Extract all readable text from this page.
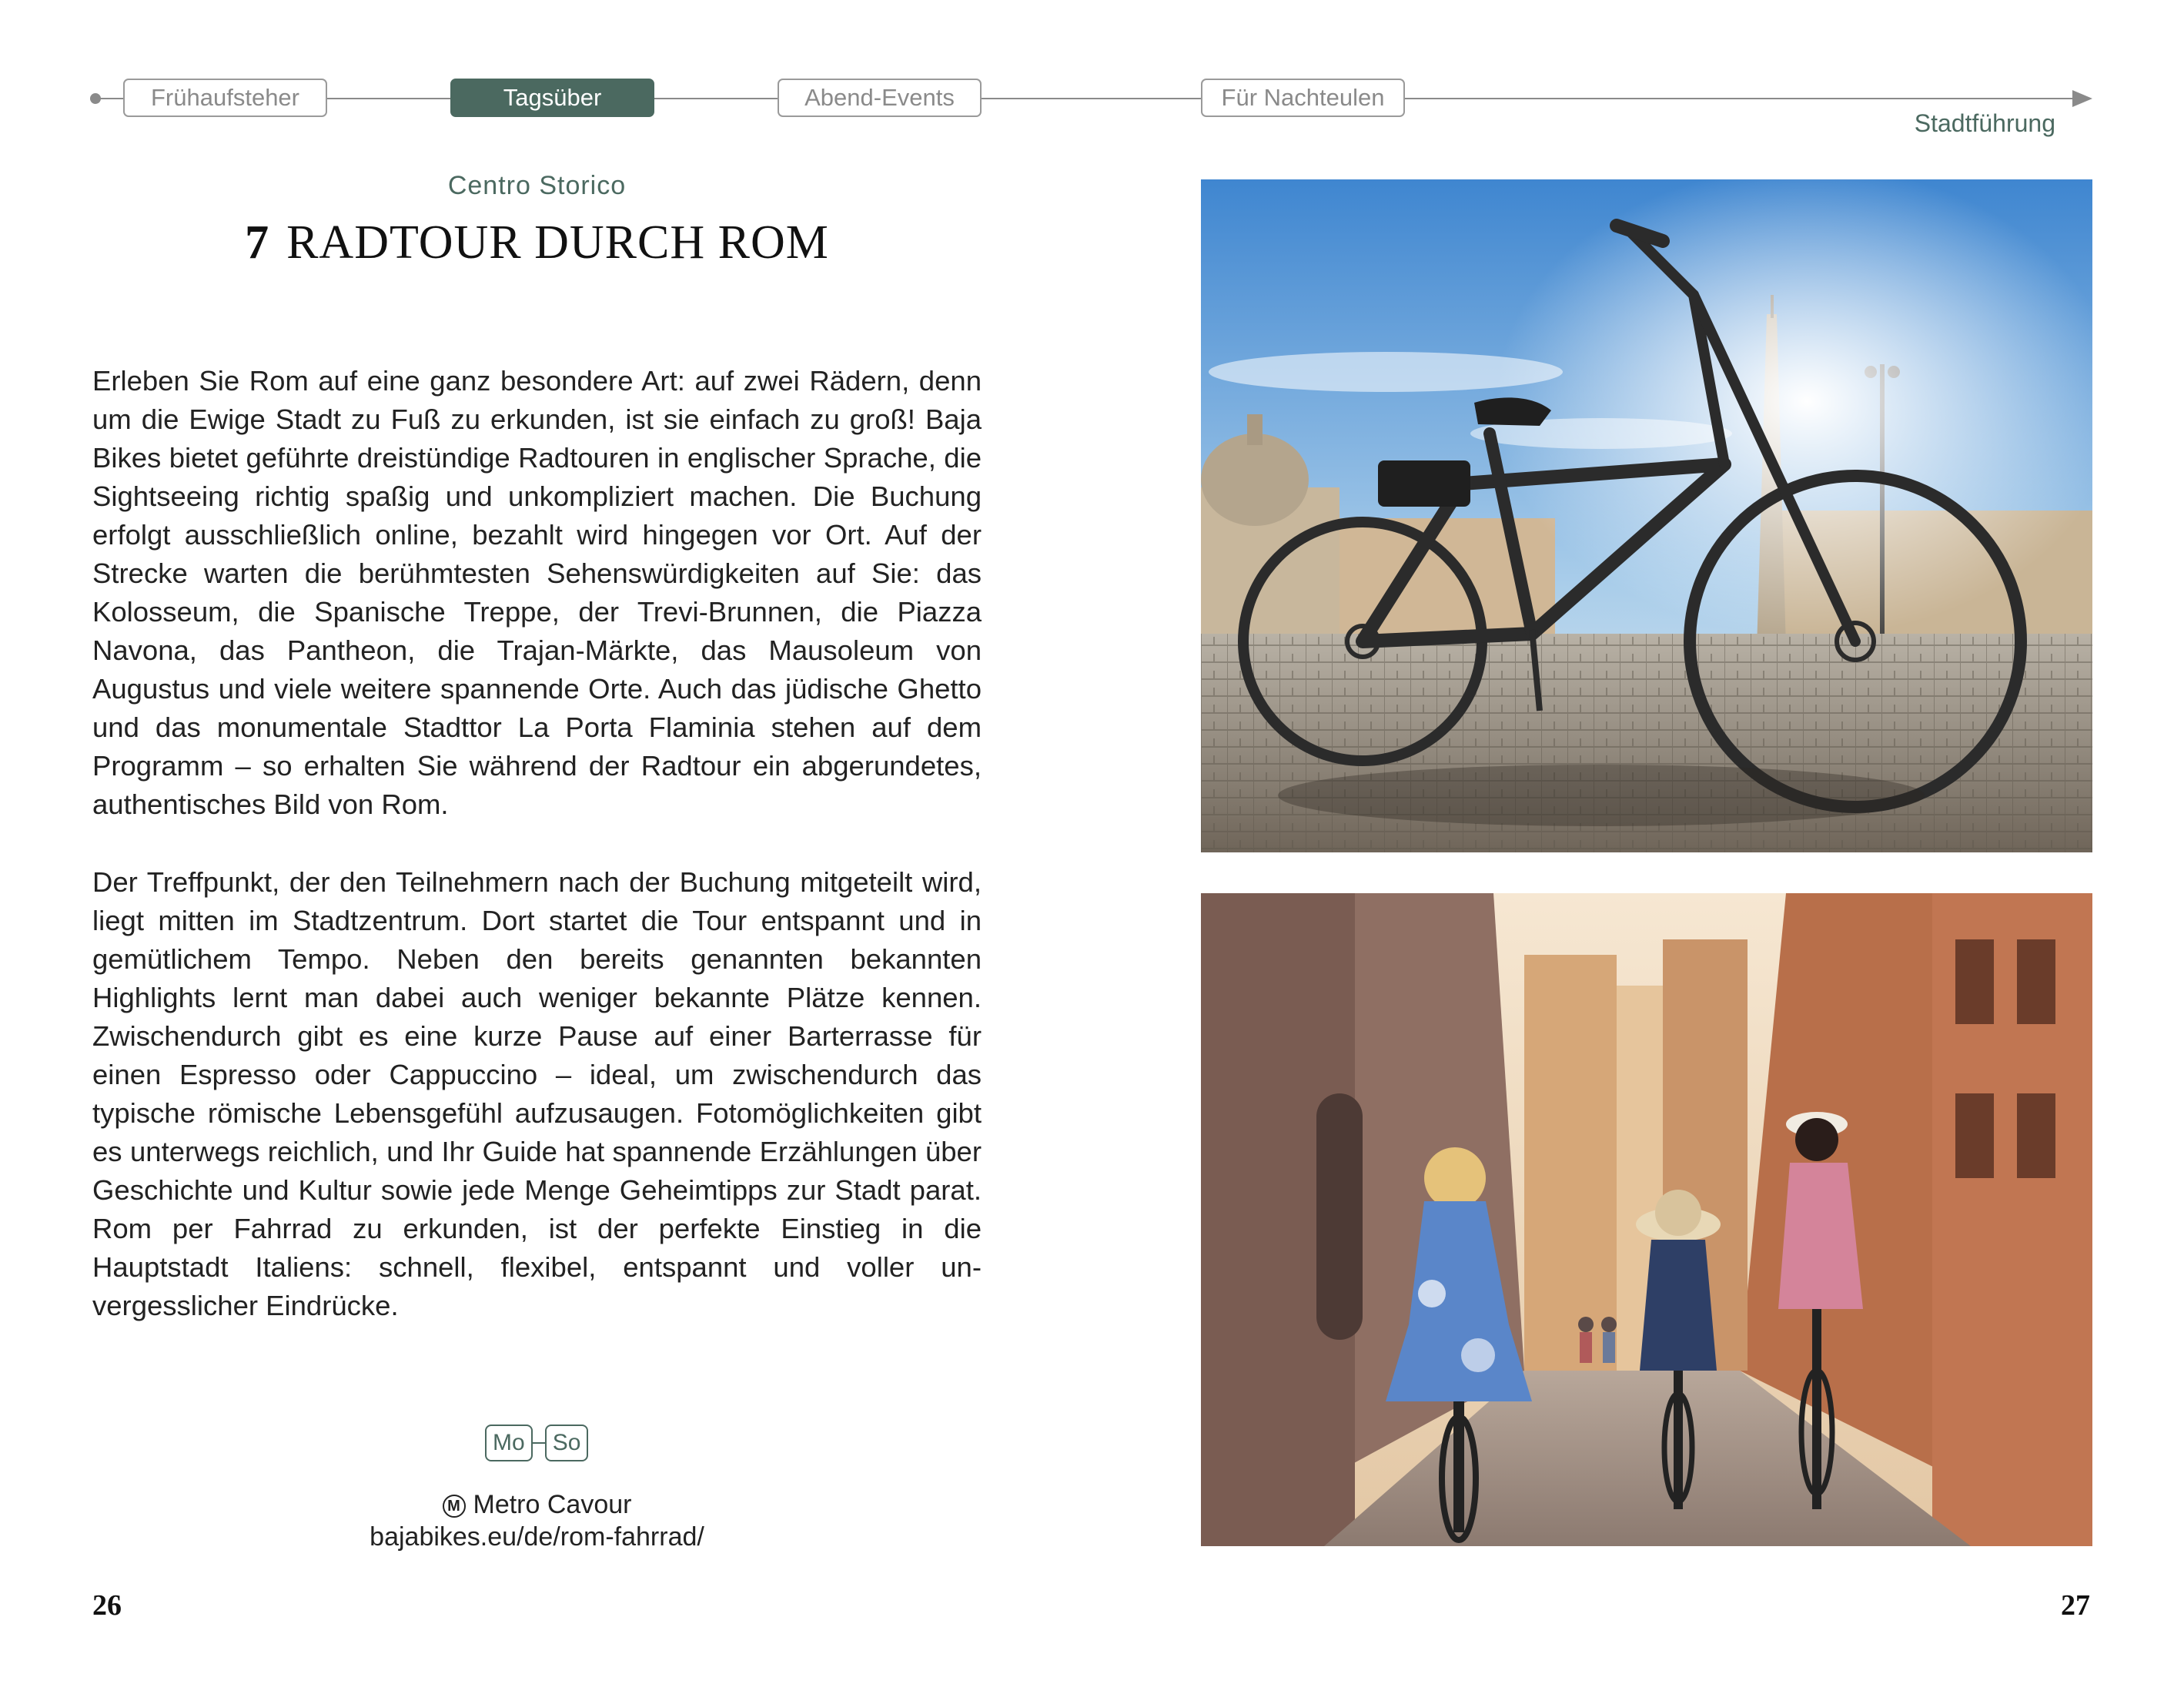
Frühaufsteher	Tagsüber	Abend-Events	Für Nachteulen
Stadtführung
Centro Storico
7 RADTOUR DURCH ROM

Erleben Sie Rom auf eine ganz besondere Art: auf zwei Rädern, denn um die Ewige Stadt zu Fuß zu erkunden, ist sie einfach zu groß! Baja Bikes bietet geführte dreistündige Radtouren in englischer Sprache, die Sightseeing richtig spaßig und unkompliziert machen. Die Buchung erfolgt ausschließlich online, bezahlt wird hingegen vor Ort. Auf der Strecke warten die berühmtesten Sehenswürdigkeiten auf Sie: das Kolosseum, die Spanische Treppe, der Trevi-Brunnen, die Piazza Navona, das Pantheon, die Trajan-Märkte, das Mausoleum von Augustus und viele weitere spannende Orte. Auch das jüdische Ghetto und das monumentale Stadttor La Porta Flaminia stehen auf dem Programm – so erhalten Sie während der Radtour ein abgerundetes, authentisches Bild von Rom.

Der Treffpunkt, der den Teilnehmern nach der Buchung mitgeteilt wird, liegt mitten im Stadtzentrum. Dort startet die Tour entspannt und in gemütlichem Tempo. Neben den bereits genannten bekannten Highlights lernt man dabei auch weniger bekannte Plätze kennen. Zwischendurch gibt es eine kurze Pause auf einer Barterrasse für einen Espresso oder Cappuccino – ideal, um zwischendurch das typische römische Lebensgefühl aufzusaugen. Fotomöglichkeiten gibt es unterwegs reichlich, und Ihr Guide hat spannende Erzählungen über Geschichte und Kultur sowie jede Menge Geheimtipps zur Stadt parat. Rom per Fahrrad zu erkunden, ist der perfekte Einstieg in die Hauptstadt Italiens: schnell, flexibel, entspannt und voller unvergesslicher Eindrücke.

Mo	So
M Metro Cavour
bajabikes.eu/de/rom-fahrrad/
26	27
